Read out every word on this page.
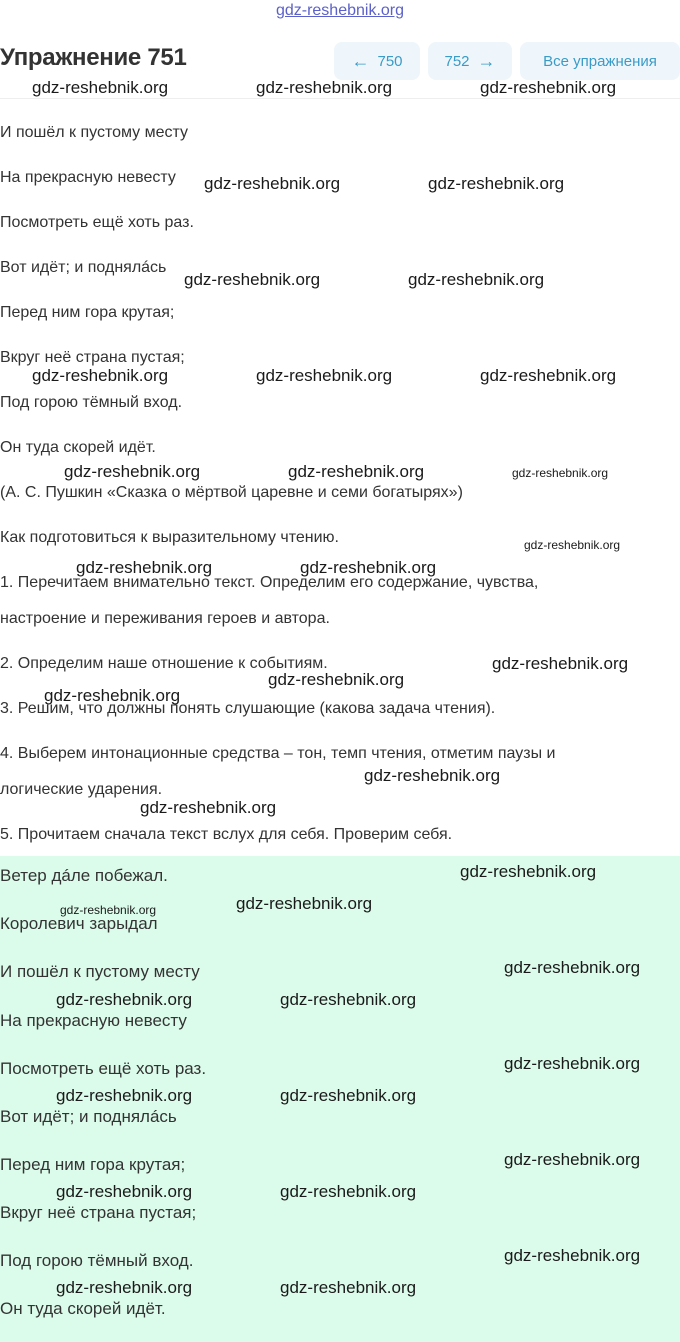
gdz-reshebnik.org
Упражнение 751	← 750	752 →	Все упражнения
И пошёл к пустому месту
На прекрасную невесту
Посмотреть ещё хоть раз.
Вот идёт; и поднялáсь
Перед ним гора крутая;
Вкруг неё страна пустая;
Под горою тёмный вход.
Он туда скорей идёт.
(А. С. Пушкин «Сказка о мёртвой царевне и семи богатырях»)
Как подготовиться к выразительному чтению.
1. Перечитаем внимательно текст. Определим его содержание, чувства,
настроение и переживания героев и автора.
2. Определим наше отношение к событиям.
3. Решим, что должны понять слушающие (какова задача чтения).
4. Выберем интонационные средства – тон, темп чтения, отметим паузы и
логические ударения.
5. Прочитаем сначала текст вслух для себя. Проверим себя.
Ветер дáле побежал.
Королевич зарыдал
И пошёл к пустому месту
На прекрасную невесту
Посмотреть ещё хоть раз.
Вот идёт; и поднялáсь
Перед ним гора крутая;
Вкруг неё страна пустая;
Под горою тёмный вход.
Он туда скорей идёт.
gdz-reshebnik.org	gdz-reshebnik.org	gdz-reshebnik.org
gdz-reshebnik.org	gdz-reshebnik.org
gdz-reshebnik.org	gdz-reshebnik.org
gdz-reshebnik.org	gdz-reshebnik.org	gdz-reshebnik.org
gdz-reshebnik.org	gdz-reshebnik.org	gdz-reshebnik.org
gdz-reshebnik.org
gdz-reshebnik.org	gdz-reshebnik.org
gdz-reshebnik.org
gdz-reshebnik.org
gdz-reshebnik.org
gdz-reshebnik.org
gdz-reshebnik.org
gdz-reshebnik.org
gdz-reshebnik.org	gdz-reshebnik.org
gdz-reshebnik.org
gdz-reshebnik.org	gdz-reshebnik.org
gdz-reshebnik.org
gdz-reshebnik.org	gdz-reshebnik.org
gdz-reshebnik.org
gdz-reshebnik.org	gdz-reshebnik.org
gdz-reshebnik.org
gdz-reshebnik.org	gdz-reshebnik.org
